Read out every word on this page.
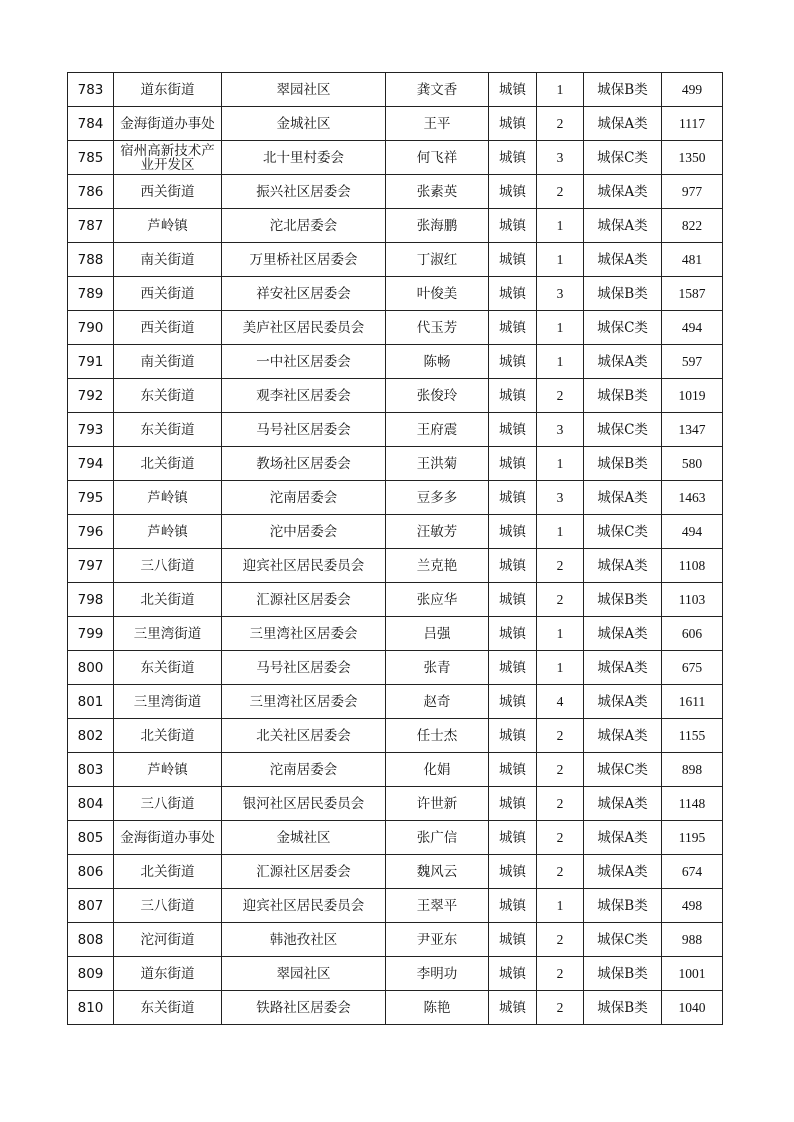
783	道东街道	翠园社区	龚文香	城镇	1	城保B类	499
784	金海街道办事处	金城社区	王平	城镇	2	城保A类	1117
785	宿州高新技术产业开发区	北十里村委会	何飞祥	城镇	3	城保C类	1350
786	西关街道	振兴社区居委会	张素英	城镇	2	城保A类	977
787	芦岭镇	沱北居委会	张海鹏	城镇	1	城保A类	822
788	南关街道	万里桥社区居委会	丁淑红	城镇	1	城保A类	481
789	西关街道	祥安社区居委会	叶俊美	城镇	3	城保B类	1587
790	西关街道	美庐社区居民委员会	代玉芳	城镇	1	城保C类	494
791	南关街道	一中社区居委会	陈畅	城镇	1	城保A类	597
792	东关街道	观李社区居委会	张俊玲	城镇	2	城保B类	1019
793	东关街道	马号社区居委会	王府震	城镇	3	城保C类	1347
794	北关街道	教场社区居委会	王洪菊	城镇	1	城保B类	580
795	芦岭镇	沱南居委会	豆多多	城镇	3	城保A类	1463
796	芦岭镇	沱中居委会	汪敏芳	城镇	1	城保C类	494
797	三八街道	迎宾社区居民委员会	兰克艳	城镇	2	城保A类	1108
798	北关街道	汇源社区居委会	张应华	城镇	2	城保B类	1103
799	三里湾街道	三里湾社区居委会	吕强	城镇	1	城保A类	606
800	东关街道	马号社区居委会	张青	城镇	1	城保A类	675
801	三里湾街道	三里湾社区居委会	赵奇	城镇	4	城保A类	1611
802	北关街道	北关社区居委会	任士杰	城镇	2	城保A类	1155
803	芦岭镇	沱南居委会	化娟	城镇	2	城保C类	898
804	三八街道	银河社区居民委员会	许世新	城镇	2	城保A类	1148
805	金海街道办事处	金城社区	张广信	城镇	2	城保A类	1195
806	北关街道	汇源社区居委会	魏风云	城镇	2	城保A类	674
807	三八街道	迎宾社区居民委员会	王翠平	城镇	1	城保B类	498
808	沱河街道	韩池孜社区	尹亚东	城镇	2	城保C类	988
809	道东街道	翠园社区	李明功	城镇	2	城保B类	1001
810	东关街道	铁路社区居委会	陈艳	城镇	2	城保B类	1040
